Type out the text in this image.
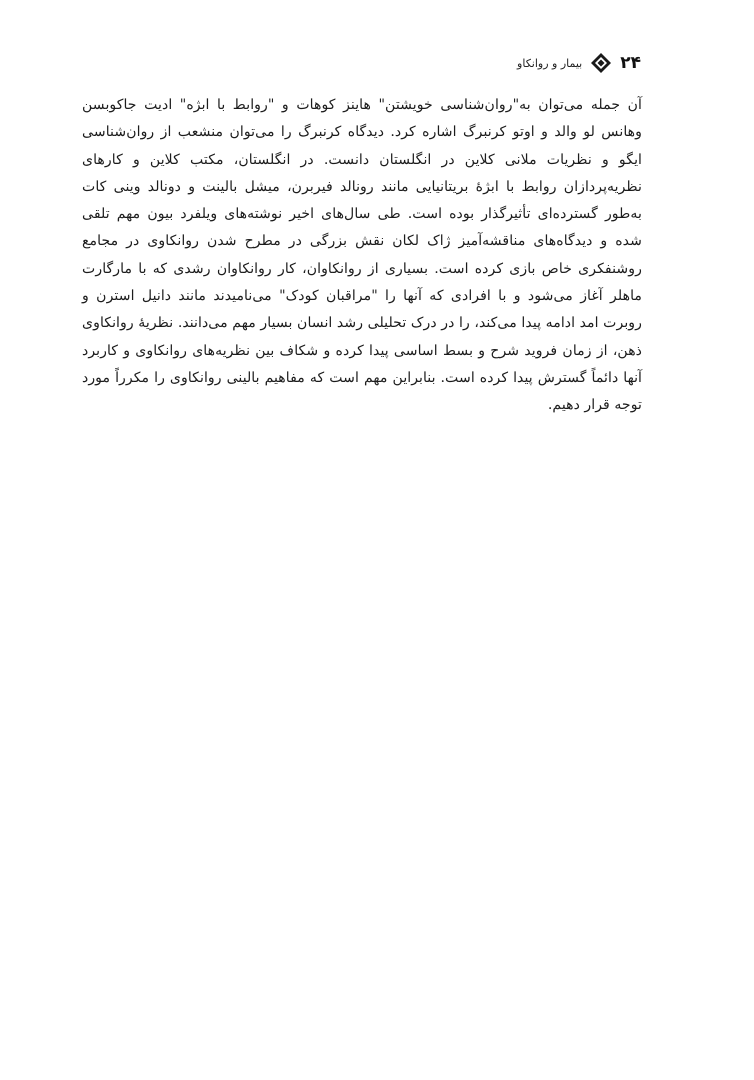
۲۴
بیمار و روانکاو

آن جمله می‌توان به"روان‌شناسی خویشتن" هاینز کوهات و "روابط با ابژه" ادیت جاکوبسن وهانس لو والد و اوتو کرنبرگ اشاره کرد. دیدگاه کرنبرگ را می‌توان منشعب از روان‌شناسی ایگو و نظریات ملانی کلاین در انگلستان دانست. در انگلستان، مکتب کلاین و کارهای نظریه‌پردازان روابط با ابژهٔ بریتانیایی مانند رونالد فیربرن، میشل بالینت و دونالد وینی کات به‌طور گسترده‌ای تأثیرگذار بوده است. طی سال‌های اخیر نوشته‌های ویلفرد بیون مهم تلقی شده و دیدگاه‌های مناقشه‌آمیز ژاک لکان نقش بزرگی در مطرح شدن روانکاوی در مجامع روشنفکری خاص بازی کرده است. بسیاری از روانکاوان، کار روانکاوان رشدی که با مارگارت ماهلر آغاز می‌شود و با افرادی که آنها را "مراقبان کودک" می‌نامیدند مانند دانیل استرن و روبرت امد ادامه پیدا می‌کند، را در درک تحلیلی رشد انسان بسیار مهم می‌دانند. نظریهٔ روانکاوی ذهن، از زمان فروید شرح و بسط اساسی پیدا کرده و شکاف بین نظریه‌های روانکاوی و کاربرد آنها دائماً گسترش پیدا کرده است. بنابراین مهم است که مفاهیم بالینی روانکاوی را مکرراً مورد توجه قرار دهیم.
